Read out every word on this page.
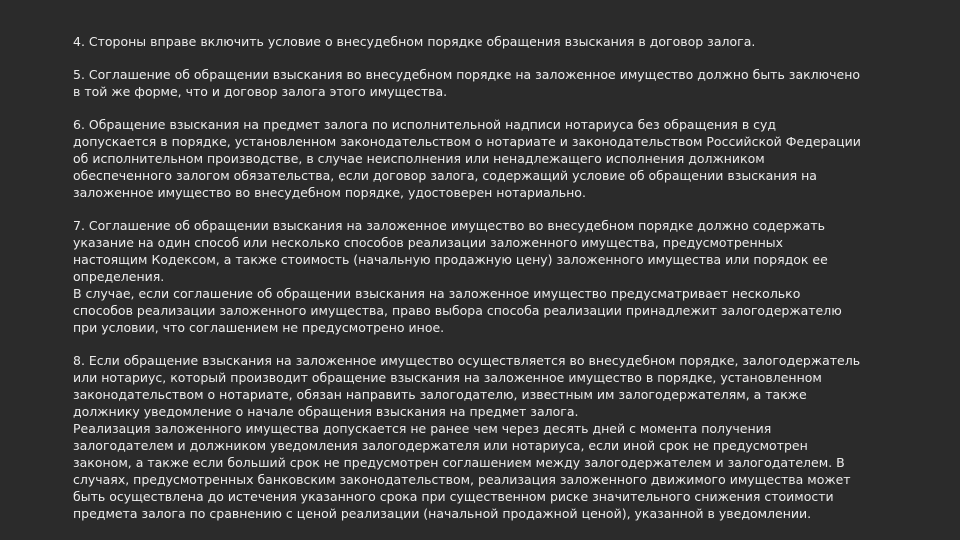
4. Стороны вправе включить условие о внесудебном порядке обращения взыскания в договор залога.

5. Соглашение об обращении взыскания во внесудебном порядке на заложенное имущество должно быть заключено
в той же форме, что и договор залога этого имущества.

6. Обращение взыскания на предмет залога по исполнительной надписи нотариуса без обращения в суд
допускается в порядке, установленном законодательством о нотариате и законодательством Российской Федерации
об исполнительном производстве, в случае неисполнения или ненадлежащего исполнения должником
обеспеченного залогом обязательства, если договор залога, содержащий условие об обращении взыскания на
заложенное имущество во внесудебном порядке, удостоверен нотариально.

7. Соглашение об обращении взыскания на заложенное имущество во внесудебном порядке должно содержать
указание на один способ или несколько способов реализации заложенного имущества, предусмотренных
настоящим Кодексом, а также стоимость (начальную продажную цену) заложенного имущества или порядок ее
определения.
В случае, если соглашение об обращении взыскания на заложенное имущество предусматривает несколько
способов реализации заложенного имущества, право выбора способа реализации принадлежит залогодержателю
при условии, что соглашением не предусмотрено иное.

8. Если обращение взыскания на заложенное имущество осуществляется во внесудебном порядке, залогодержатель
или нотариус, который производит обращение взыскания на заложенное имущество в порядке, установленном
законодательством о нотариате, обязан направить залогодателю, известным им залогодержателям, а также
должнику уведомление о начале обращения взыскания на предмет залога.
Реализация заложенного имущества допускается не ранее чем через десять дней с момента получения
залогодателем и должником уведомления залогодержателя или нотариуса, если иной срок не предусмотрен
законом, а также если больший срок не предусмотрен соглашением между залогодержателем и залогодателем. В
случаях, предусмотренных банковским законодательством, реализация заложенного движимого имущества может
быть осуществлена до истечения указанного срока при существенном риске значительного снижения стоимости
предмета залога по сравнению с ценой реализации (начальной продажной ценой), указанной в уведомлении.
